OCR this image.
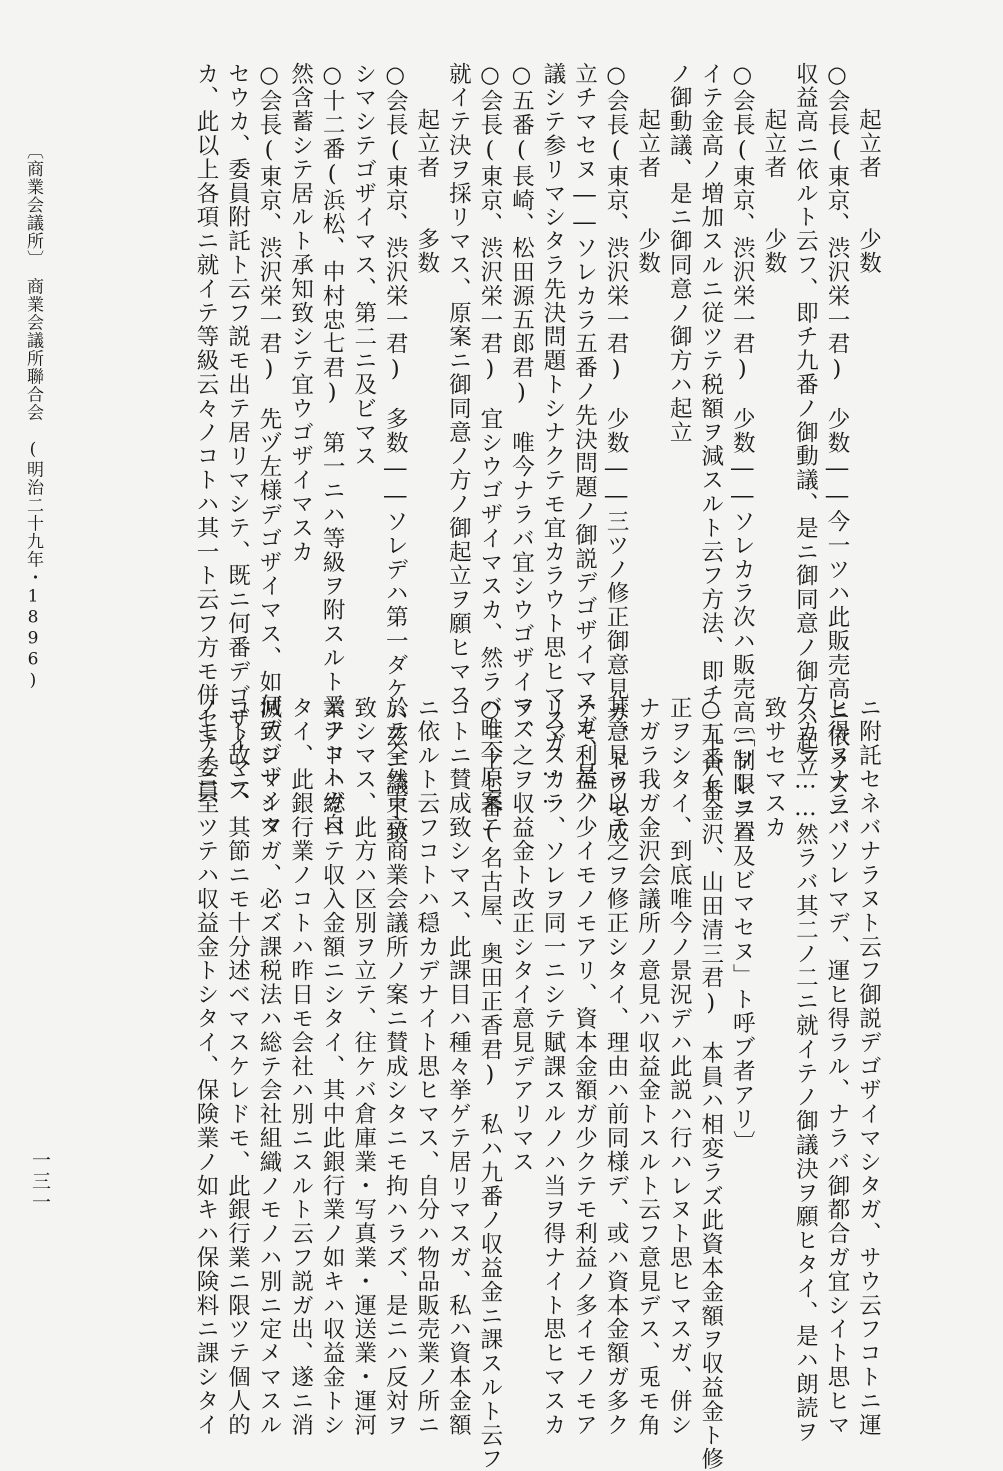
起立者　　少数
○会長(東京、渋沢栄一君)　少数――今一ツハ此販売高ニ依ラズニ、
収益高ニ依ルト云フ、即チ九番ノ御動議、是ニ御同意ノ御方ハ起立
起立者　　少数
○会長(東京、渋沢栄一君)　少数――ソレカラ次ハ販売高ニ制限ヲ置
イテ金高ノ増加スルニ従ツテ税額ヲ減スルト云フ方法、即チ二十六番
ノ御動議、是ニ御同意ノ御方ハ起立
起立者　　少数
○会長(東京、渋沢栄一君)　少数――三ツノ修正御意見ガ、ドウモ成
立チマセヌ――ソレカラ五番ノ先決問題ノ御説デゴザイマスガ、是ハ
議シテ参リマシタラ先決問題トシナクテモ宜カラウト思ヒマスガ……
○五番(長崎、松田源五郎君)　唯今ナラバ宜シウゴザイマス
○会長(東京、渋沢栄一君)　宜シウゴザイマスカ、然ラバ唯今原案ニ
就イテ決ヲ採リマス、原案ニ御同意ノ方ノ御起立ヲ願ヒマス
起立者　　多数
○会長(東京、渋沢栄一君)　多数――ソレデハ第一ダケハ茲ニ議了致
シマシテゴザイマス、第二ニ及ビマス
○十二番(浜松、中村忠七君)　第一ニハ等級ヲ附スルト云フコトガ自
然含蓄シテ居ルト承知致シテ宜ウゴザイマスカ
○会長(東京、渋沢栄一君)　先ヅ左様デゴザイマス、如何デゴザイマ
セウカ、委員附託ト云フ説モ出テ居リマシテ、既ニ何番デゴザイマス
カ、此以上各項ニ就イテ等級云々ノコトハ其一ト云フ方モ併セテ委員
ニ附託セネバナラヌト云フ御説デゴザイマシタガ、サウ云フコトニ運
ヒ得ヌナラバソレマデ、運ヒ得ラル、ナラバ御都合ガ宜シイト思ヒマ
スカラ……然ラバ其二ノ二ニ就イテノ御議決ヲ願ヒタイ、是ハ朗読ヲ
致サセマスカ
〔「ソレニハ及ビマセヌ」ト呼ブ者アリ〕
○九番(金沢、山田清三君)　本員ハ相変ラズ此資本金額ヲ収益金ト修
正ヲシタイ、到底唯今ノ景況デハ此説ハ行ハレヌト思ヒマスガ、併シ
ナガラ我ガ金沢会議所ノ意見ハ収益金トスルト云フ意見デス、兎モ角
其意見ヲ以テ之ヲ修正シタイ、理由ハ前同様デ、或ハ資本金額ガ多ク
テモ利益ノ少イモノモアリ、資本金額ガ少クテモ利益ノ多イモノモア
リマスカラ、ソレヲ同一ニシテ賦課スルノハ当ヲ得ナイト思ヒマスカ
ラ、之ヲ収益金ト改正シタイ意見デアリマス
○三十七番(名古屋、奥田正香君)　私ハ九番ノ収益金ニ課スルト云フ
コトニ賛成致シマス、此課目ハ種々挙ゲテ居リマスガ、私ハ資本金額
ニ依ルト云フコトハ穏カデナイト思ヒマス、自分ハ物品販売業ノ所ニ
於テ全然東京商業会議所ノ案ニ賛成シタニモ拘ハラズ、是ニハ反対ヲ
致シマス、此方ハ区別ヲ立テ、往ケバ倉庫業・写真業・運送業・運河
業ナドハ総ベテ収入金額ニシタイ、其中此銀行業ノ如キハ収益金トシ
タイ、此銀行業ノコトハ昨日モ会社ハ別ニスルト云フ説ガ出、遂ニ消
滅致シマシタガ、必ズ課税法ハ総テ会社組織ノモノハ別ニ定メマスル
コト故ニ、其節ニモ十分述ベマスケレドモ、此銀行業ニ限ツテ個人的
ノモノニ至ツテハ収益金トシタイ、保険業ノ如キハ保険料ニ課シタイ
〔商業会議所〕　商業会議所聯合会　(明治二十九年・1896)
一三一
